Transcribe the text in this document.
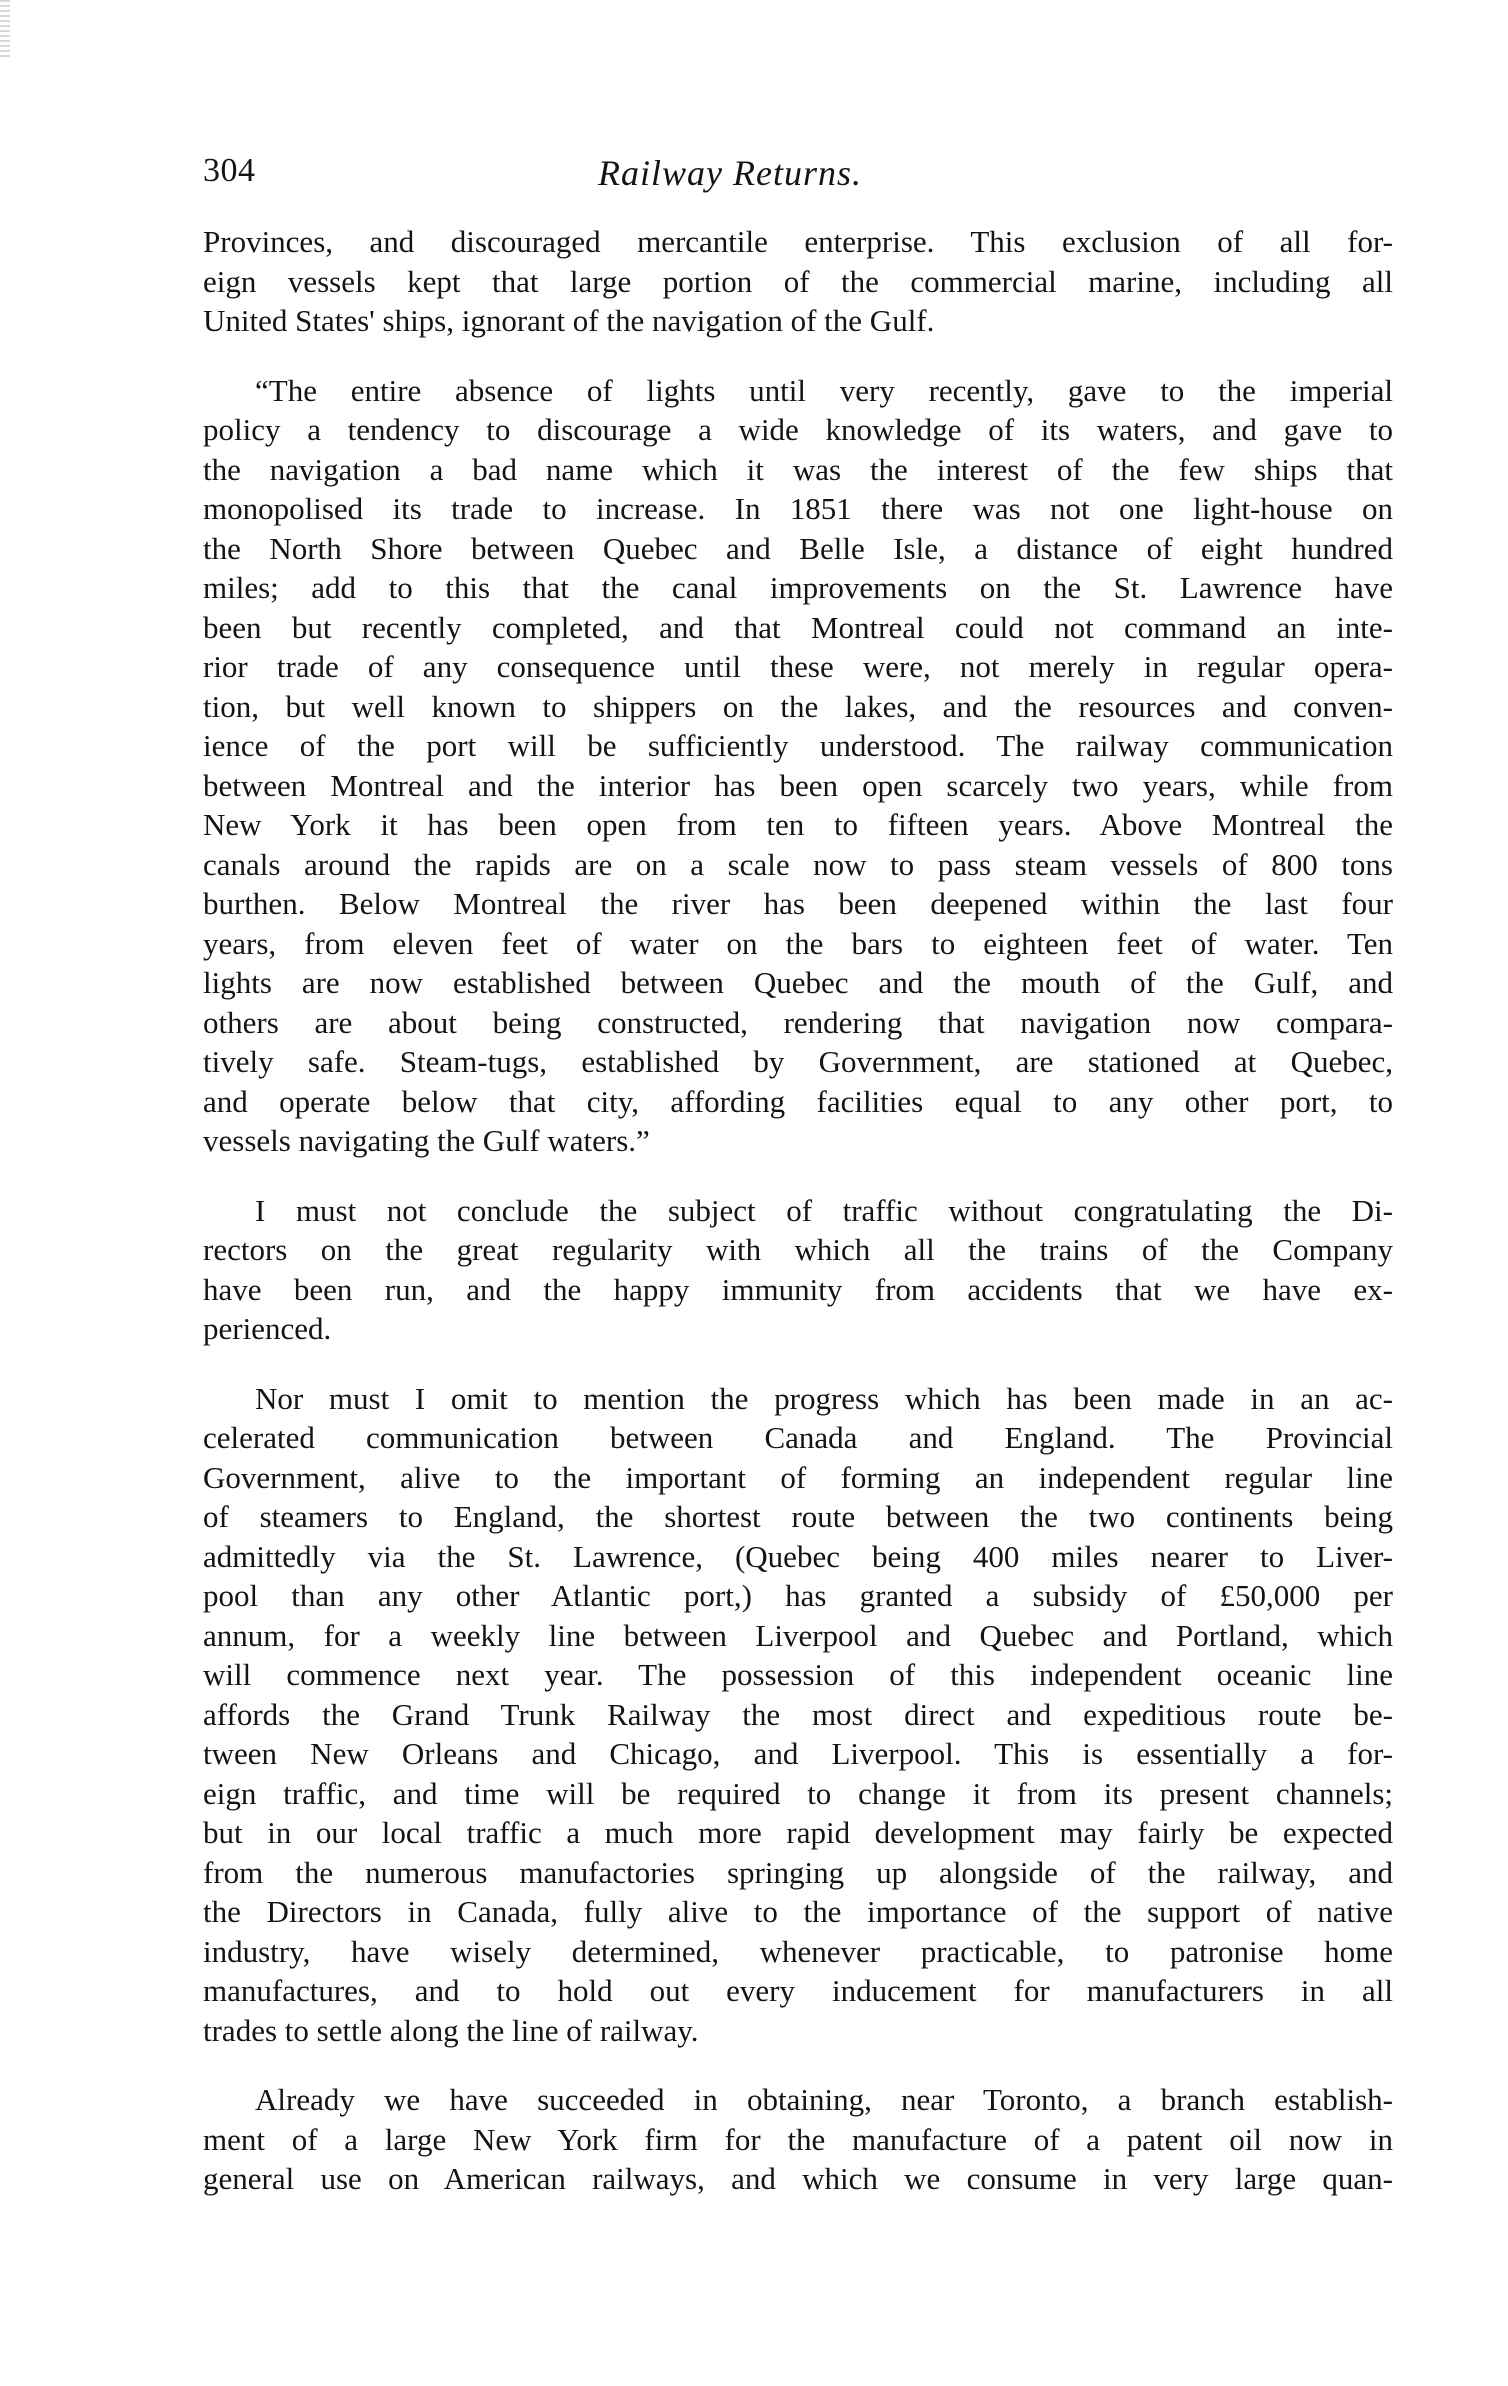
304	Railway Returns.
Provinces, and discouraged mercantile enterprise. This exclusion of all for-
eign vessels kept that large portion of the commercial marine, including all
United States' ships, ignorant of the navigation of the Gulf.
“The entire absence of lights until very recently, gave to the imperial
policy a tendency to discourage a wide knowledge of its waters, and gave to
the navigation a bad name which it was the interest of the few ships that
monopolised its trade to increase. In 1851 there was not one light-house on
the North Shore between Quebec and Belle Isle, a distance of eight hundred
miles; add to this that the canal improvements on the St. Lawrence have
been but recently completed, and that Montreal could not command an inte-
rior trade of any consequence until these were, not merely in regular opera-
tion, but well known to shippers on the lakes, and the resources and conven-
ience of the port will be sufficiently understood. The railway communication
between Montreal and the interior has been open scarcely two years, while from
New York it has been open from ten to fifteen years. Above Montreal the
canals around the rapids are on a scale now to pass steam vessels of 800 tons
burthen. Below Montreal the river has been deepened within the last four
years, from eleven feet of water on the bars to eighteen feet of water. Ten
lights are now established between Quebec and the mouth of the Gulf, and
others are about being constructed, rendering that navigation now compara-
tively safe. Steam-tugs, established by Government, are stationed at Quebec,
and operate below that city, affording facilities equal to any other port, to
vessels navigating the Gulf waters.”
I must not conclude the subject of traffic without congratulating the Di-
rectors on the great regularity with which all the trains of the Company
have been run, and the happy immunity from accidents that we have ex-
perienced.
Nor must I omit to mention the progress which has been made in an ac-
celerated communication between Canada and England. The Provincial
Government, alive to the important of forming an independent regular line
of steamers to England, the shortest route between the two continents being
admittedly via the St. Lawrence, (Quebec being 400 miles nearer to Liver-
pool than any other Atlantic port,) has granted a subsidy of £50,000 per
annum, for a weekly line between Liverpool and Quebec and Portland, which
will commence next year. The possession of this independent oceanic line
affords the Grand Trunk Railway the most direct and expeditious route be-
tween New Orleans and Chicago, and Liverpool. This is essentially a for-
eign traffic, and time will be required to change it from its present channels;
but in our local traffic a much more rapid development may fairly be expected
from the numerous manufactories springing up alongside of the railway, and
the Directors in Canada, fully alive to the importance of the support of native
industry, have wisely determined, whenever practicable, to patronise home
manufactures, and to hold out every inducement for manufacturers in all
trades to settle along the line of railway.
Already we have succeeded in obtaining, near Toronto, a branch establish-
ment of a large New York firm for the manufacture of a patent oil now in
general use on American railways, and which we consume in very large quan-
